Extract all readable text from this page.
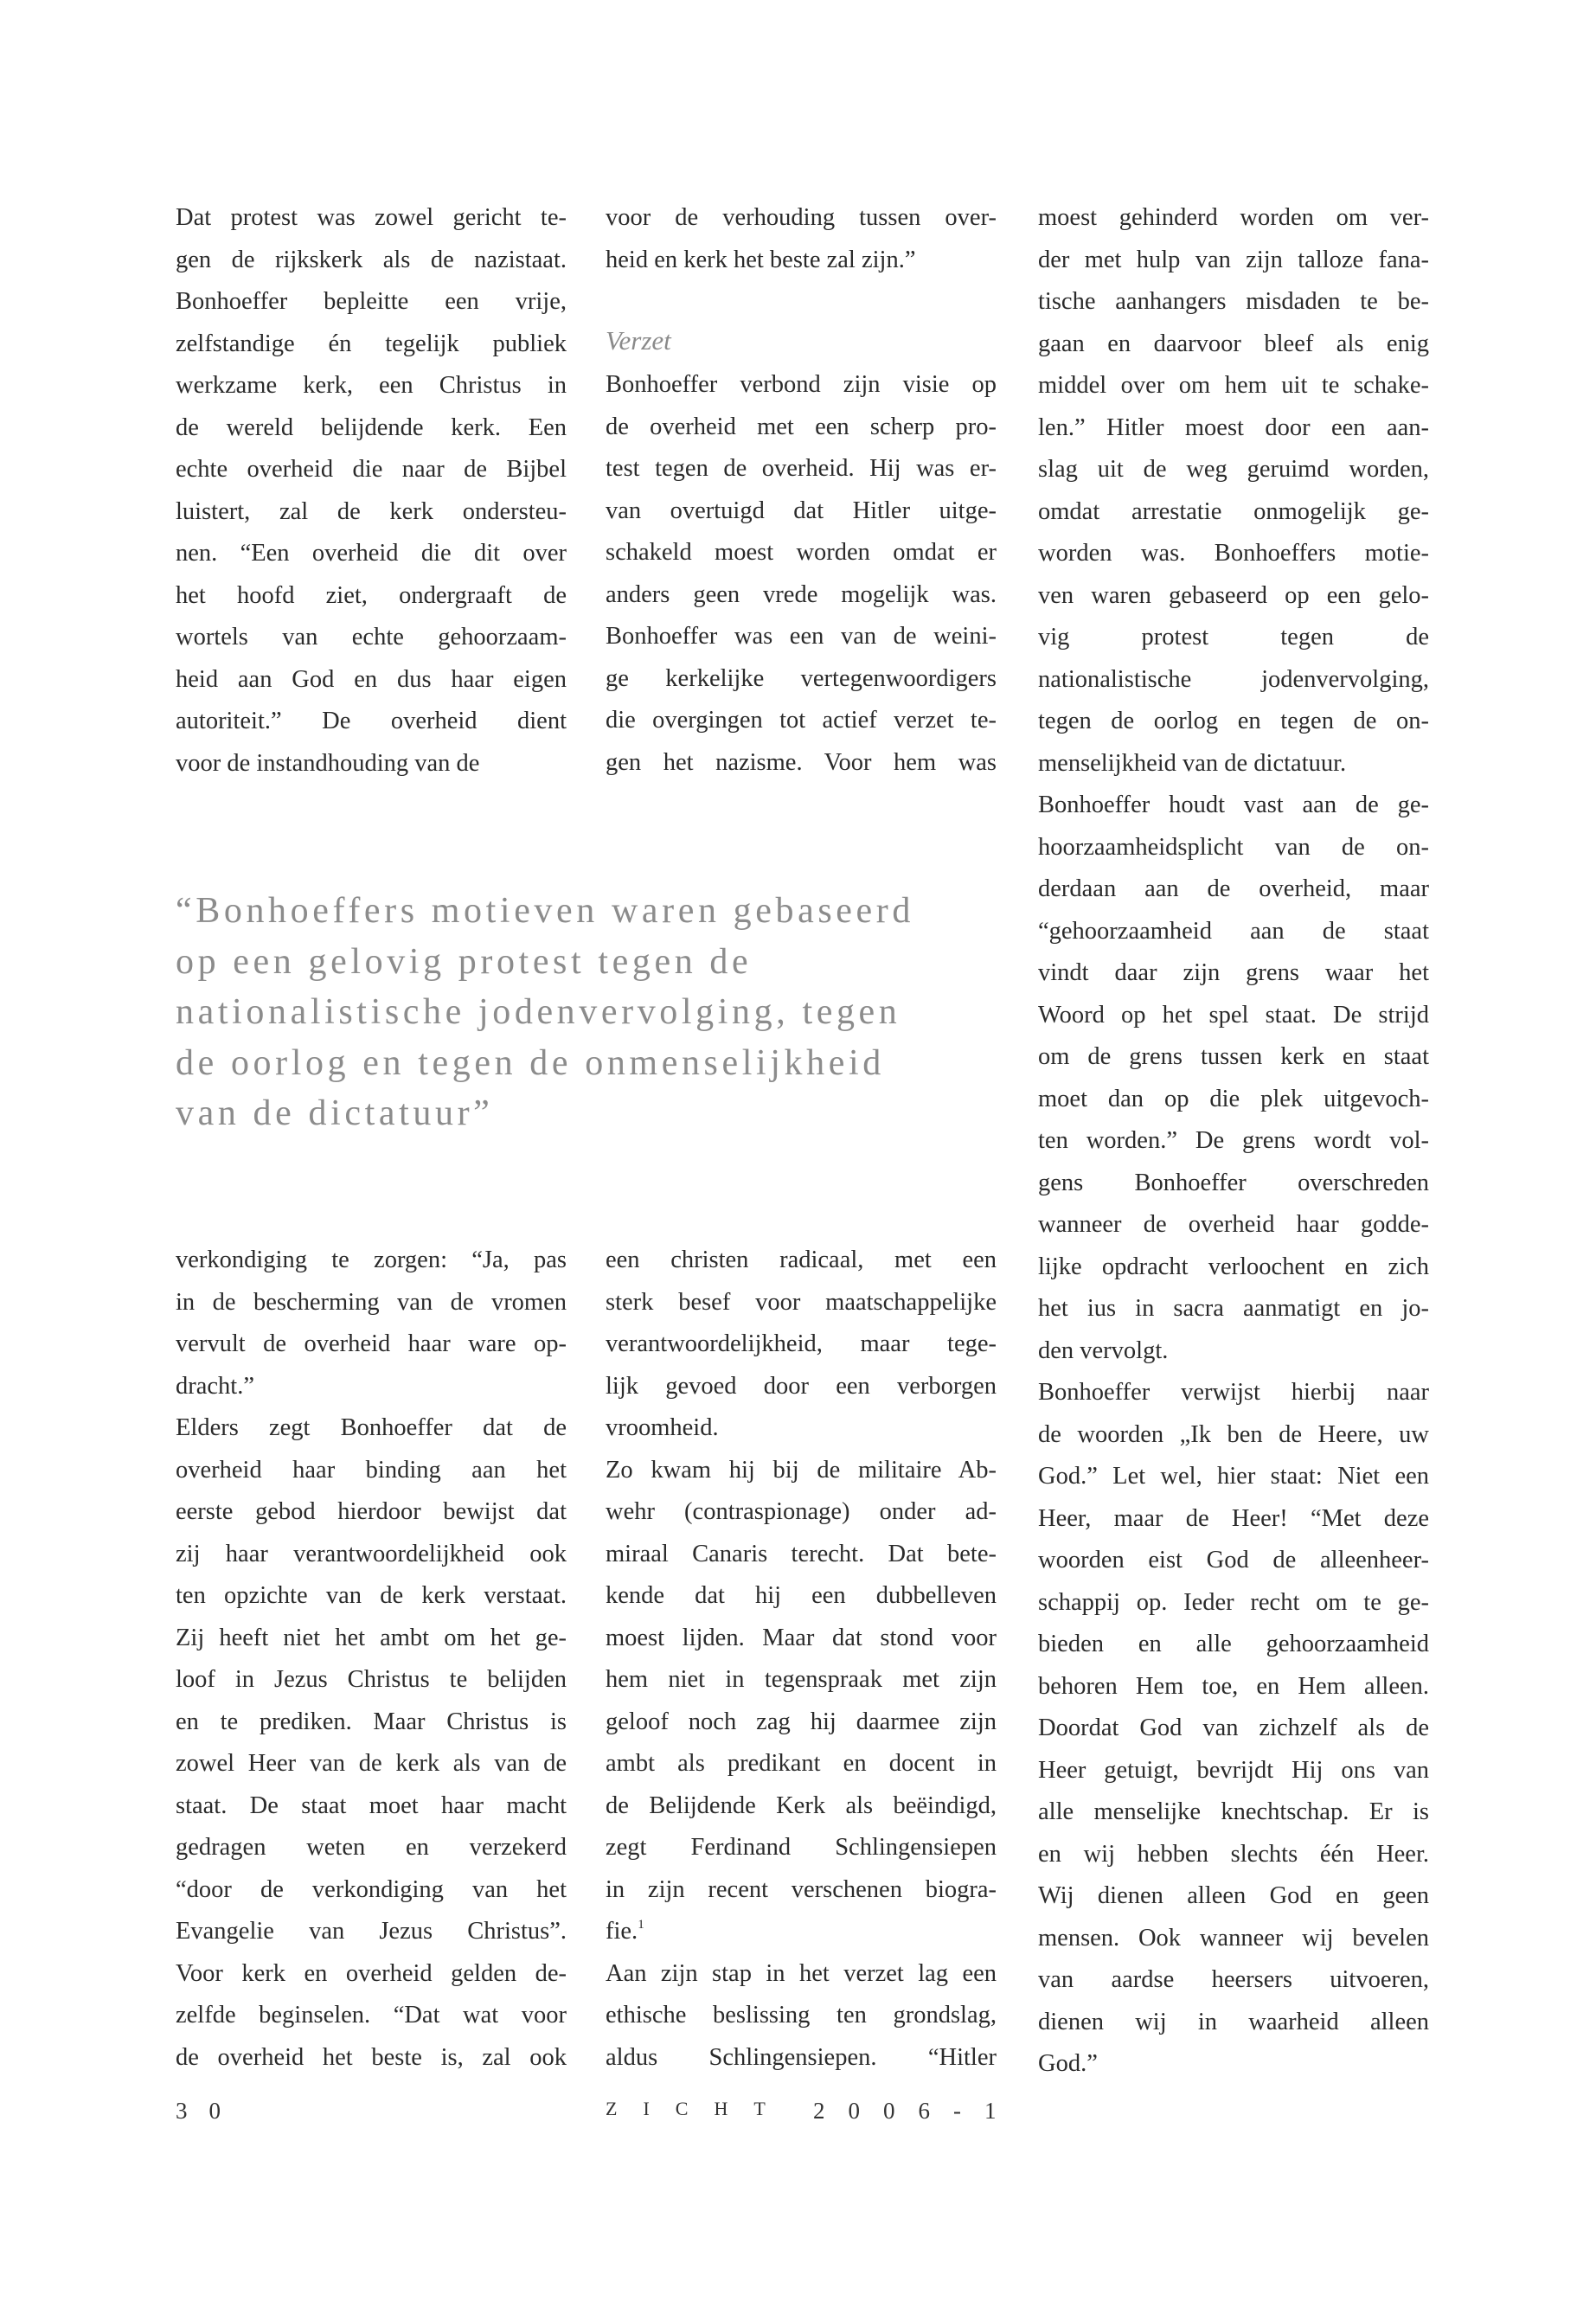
Dat protest was zowel gericht te-
gen de rijkskerk als de nazistaat.
Bonhoeffer bepleitte een vrije,
zelfstandige én tegelijk publiek
werkzame kerk, een Christus in
de wereld belijdende kerk. Een
echte overheid die naar de Bijbel
luistert, zal de kerk ondersteu-
nen. “Een overheid die dit over
het hoofd ziet, ondergraaft de
wortels van echte gehoorzaam-
heid aan God en dus haar eigen
autoriteit.” De overheid dient
voor de instandhouding van de
voor de verhouding tussen over-
heid en kerk het beste zal zijn.”
Verzet
Bonhoeffer verbond zijn visie op
de overheid met een scherp pro-
test tegen de overheid. Hij was er-
van overtuigd dat Hitler uitge-
schakeld moest worden omdat er
anders geen vrede mogelijk was.
Bonhoeffer was een van de weini-
ge kerkelijke vertegenwoordigers
die overgingen tot actief verzet te-
gen het nazisme. Voor hem was
moest gehinderd worden om ver-
der met hulp van zijn talloze fana-
tische aanhangers misdaden te be-
gaan en daarvoor bleef als enig
middel over om hem uit te schake-
len.” Hitler moest door een aan-
slag uit de weg geruimd worden,
omdat arrestatie onmogelijk ge-
worden was. Bonhoeffers motie-
ven waren gebaseerd op een gelo-
vig protest tegen de
nationalistische jodenvervolging,
tegen de oorlog en tegen de on-
menselijkheid van de dictatuur.
Bonhoeffer houdt vast aan de ge-
hoorzaamheidsplicht van de on-
derdaan aan de overheid, maar
“gehoorzaamheid aan de staat
vindt daar zijn grens waar het
Woord op het spel staat. De strijd
om de grens tussen kerk en staat
moet dan op die plek uitgevoch-
ten worden.” De grens wordt vol-
gens Bonhoeffer overschreden
wanneer de overheid haar godde-
lijke opdracht verloochent en zich
het ius in sacra aanmatigt en jo-
den vervolgt.
Bonhoeffer verwijst hierbij naar
de woorden „Ik ben de Heere, uw
God.” Let wel, hier staat: Niet een
Heer, maar de Heer! “Met deze
woorden eist God de alleenheer-
schappij op. Ieder recht om te ge-
bieden en alle gehoorzaamheid
behoren Hem toe, en Hem alleen.
Doordat God van zichzelf als de
Heer getuigt, bevrijdt Hij ons van
alle menselijke knechtschap. Er is
en wij hebben slechts één Heer.
Wij dienen alleen God en geen
mensen. Ook wanneer wij bevelen
van aardse heersers uitvoeren,
dienen wij in waarheid alleen
God.”
“Bonhoeffers motieven waren gebaseerd
op een gelovig protest tegen de
nationalistische jodenvervolging, tegen
de oorlog en tegen de onmenselijkheid
van de dictatuur”
verkondiging te zorgen: “Ja, pas
in de bescherming van de vromen
vervult de overheid haar ware op-
dracht.”
Elders zegt Bonhoeffer dat de
overheid haar binding aan het
eerste gebod hierdoor bewijst dat
zij haar verantwoordelijkheid ook
ten opzichte van de kerk verstaat.
Zij heeft niet het ambt om het ge-
loof in Jezus Christus te belijden
en te prediken. Maar Christus is
zowel Heer van de kerk als van de
staat. De staat moet haar macht
gedragen weten en verzekerd
“door de verkondiging van het
Evangelie van Jezus Christus”.
Voor kerk en overheid gelden de-
zelfde beginselen. “Dat wat voor
de overheid het beste is, zal ook
een christen radicaal, met een
sterk besef voor maatschappelijke
verantwoordelijkheid, maar tege-
lijk gevoed door een verborgen
vroomheid.
Zo kwam hij bij de militaire Ab-
wehr (contraspionage) onder ad-
miraal Canaris terecht. Dat bete-
kende dat hij een dubbelleven
moest lijden. Maar dat stond voor
hem niet in tegenspraak met zijn
geloof noch zag hij daarmee zijn
ambt als predikant en docent in
de Belijdende Kerk als beëindigd,
zegt Ferdinand Schlingensiepen
in zijn recent verschenen biogra-
fie.$^1$
Aan zijn stap in het verzet lag een
ethische beslissing ten grondslag,
aldus Schlingensiepen. “Hitler
30	ZICHT 2006-1
